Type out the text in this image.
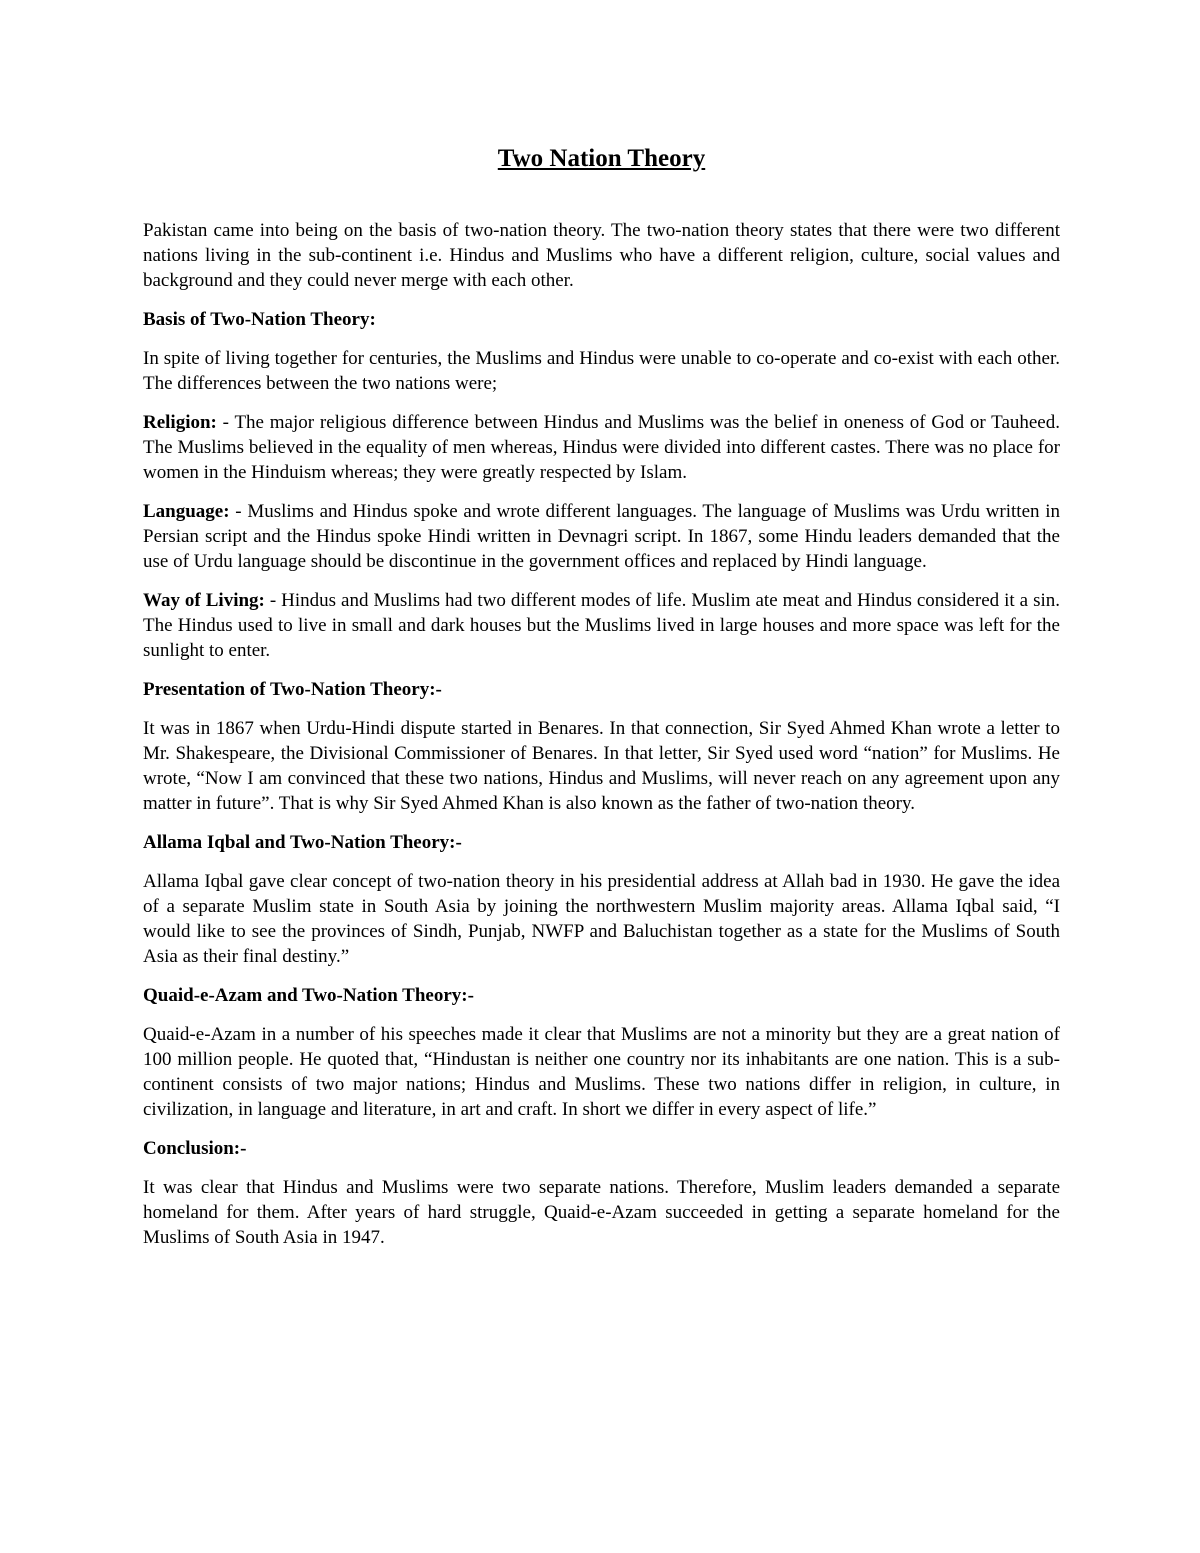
Two Nation Theory

Pakistan came into being on the basis of two-nation theory. The two-nation theory states that there were two different nations living in the sub-continent i.e. Hindus and Muslims who have a different religion, culture, social values and background and they could never merge with each other.

Basis of Two-Nation Theory:

In spite of living together for centuries, the Muslims and Hindus were unable to co-operate and co-exist with each other. The differences between the two nations were;

Religion: - The major religious difference between Hindus and Muslims was the belief in oneness of God or Tauheed. The Muslims believed in the equality of men whereas, Hindus were divided into different castes. There was no place for women in the Hinduism whereas; they were greatly respected by Islam.

Language: - Muslims and Hindus spoke and wrote different languages. The language of Muslims was Urdu written in Persian script and the Hindus spoke Hindi written in Devnagri script. In 1867, some Hindu leaders demanded that the use of Urdu language should be discontinue in the government offices and replaced by Hindi language.

Way of Living: - Hindus and Muslims had two different modes of life. Muslim ate meat and Hindus considered it a sin. The Hindus used to live in small and dark houses but the Muslims lived in large houses and more space was left for the sunlight to enter.

Presentation of Two-Nation Theory:-

It was in 1867 when Urdu-Hindi dispute started in Benares. In that connection, Sir Syed Ahmed Khan wrote a letter to Mr. Shakespeare, the Divisional Commissioner of Benares. In that letter, Sir Syed used word “nation” for Muslims. He wrote, “Now I am convinced that these two nations, Hindus and Muslims, will never reach on any agreement upon any matter in future”. That is why Sir Syed Ahmed Khan is also known as the father of two-nation theory.

Allama Iqbal and Two-Nation Theory:-

Allama Iqbal gave clear concept of two-nation theory in his presidential address at Allah bad in 1930. He gave the idea of a separate Muslim state in South Asia by joining the northwestern Muslim majority areas. Allama Iqbal said, “I would like to see the provinces of Sindh, Punjab, NWFP and Baluchistan together as a state for the Muslims of South Asia as their final destiny.”

Quaid-e-Azam and Two-Nation Theory:-

Quaid-e-Azam in a number of his speeches made it clear that Muslims are not a minority but they are a great nation of 100 million people. He quoted that, “Hindustan is neither one country nor its inhabitants are one nation. This is a sub-continent consists of two major nations; Hindus and Muslims. These two nations differ in religion, in culture, in civilization, in language and literature, in art and craft. In short we differ in every aspect of life.”

Conclusion:-

It was clear that Hindus and Muslims were two separate nations. Therefore, Muslim leaders demanded a separate homeland for them. After years of hard struggle, Quaid-e-Azam succeeded in getting a separate homeland for the Muslims of South Asia in 1947.
